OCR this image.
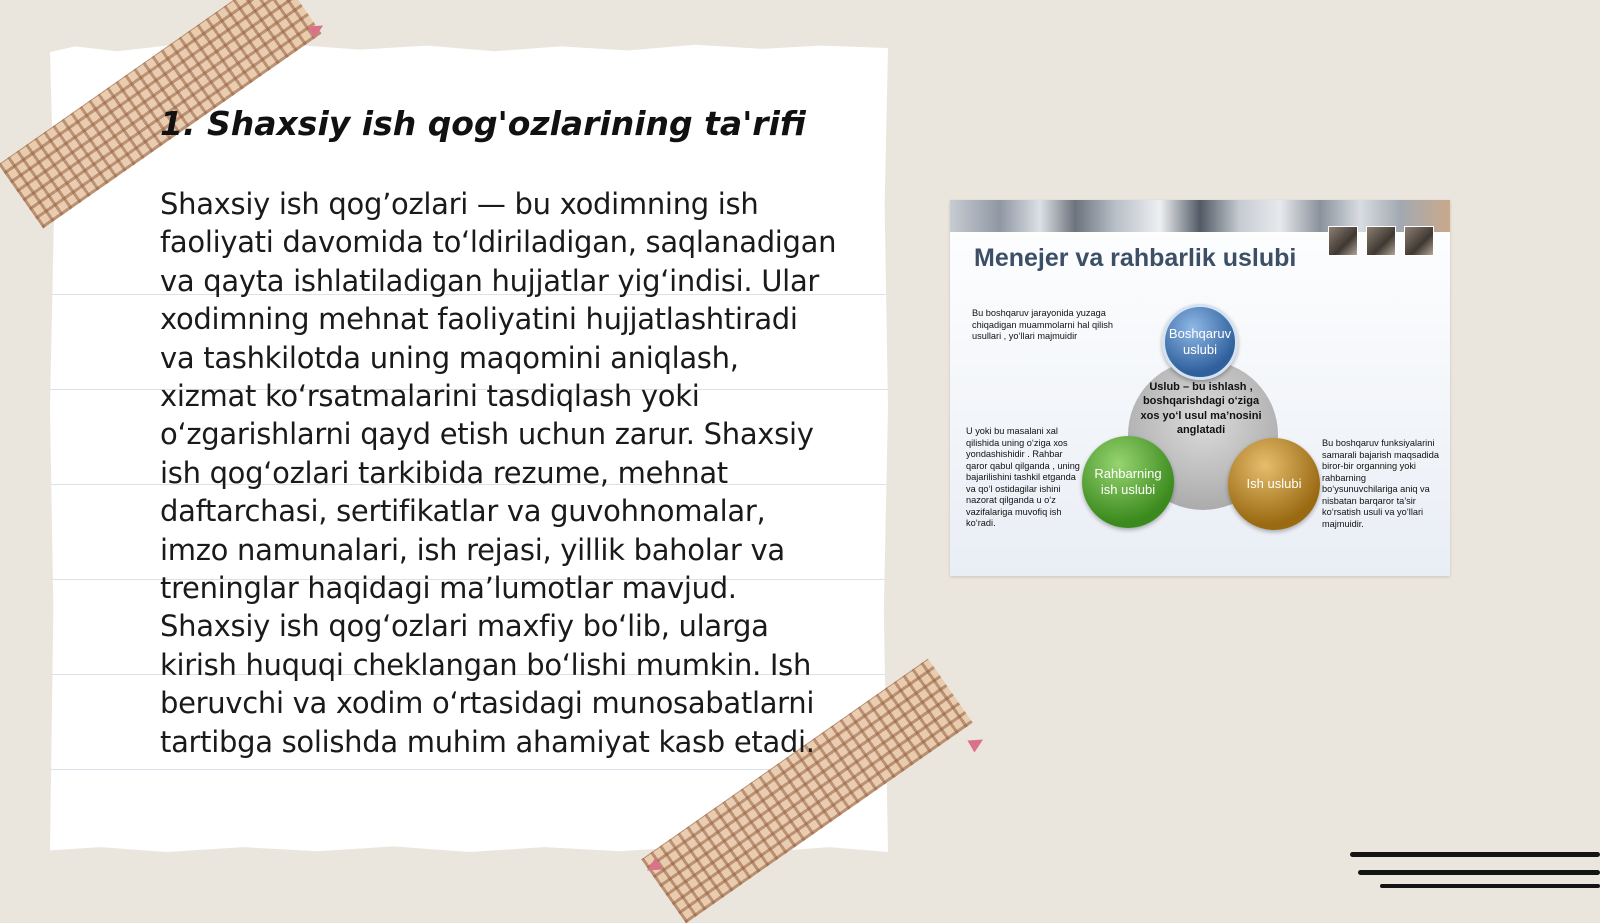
1. Shaxsiy ish qog'ozlarining ta'rifi

Shaxsiy ish qog’ozlari — bu xodimning ish faoliyati davomida to‘ldiriladigan, saqlanadigan va qayta ishlatiladigan hujjatlar yig‘indisi. Ular xodimning mehnat faoliyatini hujjatlashtiradi va tashkilotda uning maqomini aniqlash, xizmat ko‘rsatmalarini tasdiqlash yoki o‘zgarishlarni qayd etish uchun zarur. Shaxsiy ish qog‘ozlari tarkibida rezume, mehnat daftarchasi, sertifikatlar va guvohnomalar, imzo namunalari, ish rejasi, yillik baholar va treninglar haqidagi ma’lumotlar mavjud. Shaxsiy ish qog‘ozlari maxfiy bo‘lib, ularga kirish huquqi cheklangan bo‘lishi mumkin. Ish beruvchi va xodim o‘rtasidagi munosabatlarni tartibga solishda muhim ahamiyat kasb etadi.

Menejer va rahbarlik uslubi

Bu boshqaruv jarayonida yuzaga chiqadigan muammolarni hal qilish usullari , yo‘llari majmuidir

U yoki bu masalani xal qilishida uning o‘ziga xos yondashishidir . Rahbar qaror qabul qilganda , uning bajarilishini tashkil etganda va qo‘l ostidagilar ishini nazorat qilganda u o‘z vazifalariga muvofiq ish ko‘radi.

Bu boshqaruv funksiyalarini samarali bajarish maqsadida biror-bir organning yoki rahbarning bo‘ysunuvchilariga aniq va nisbatan barqaror ta’sir ko‘rsatish usuli va yo‘llari majmuidir.

Uslub – bu ishlash , boshqarishdagi o‘ziga xos yo‘l usul ma’nosini anglatadi

Boshqaruv uslubi
Rahbarning ish uslubi	Ish uslubi
